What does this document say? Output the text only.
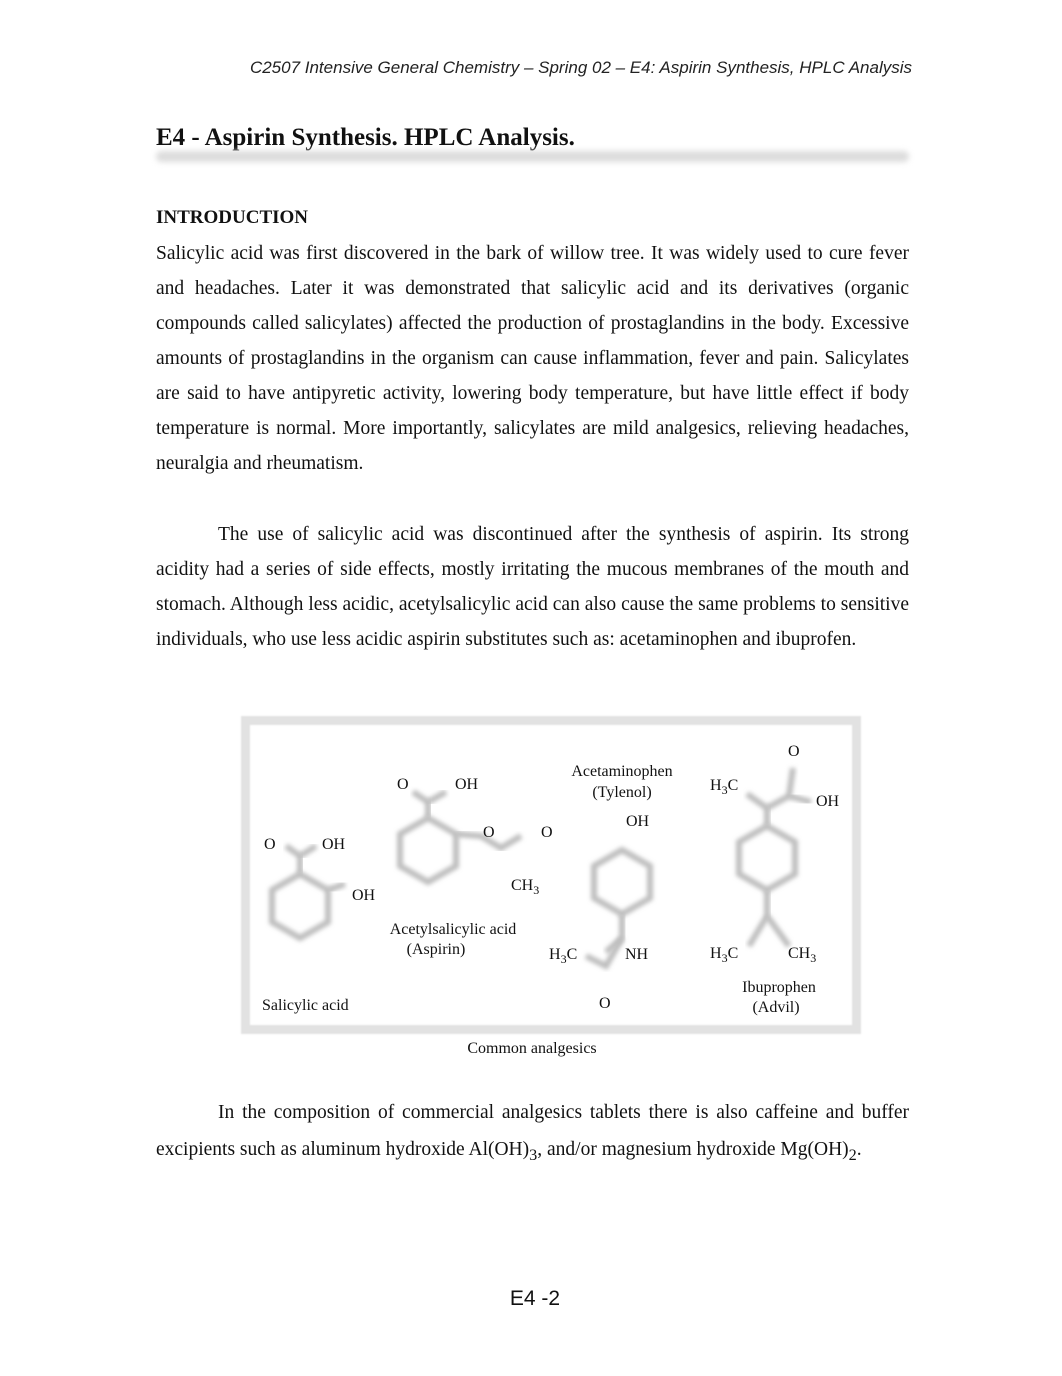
C2507 Intensive General Chemistry – Spring 02 – E4: Aspirin Synthesis, HPLC Analysis
E4 - Aspirin Synthesis. HPLC Analysis.
INTRODUCTION

Salicylic acid was first discovered in the bark of willow tree. It was widely used to cure fever and headaches. Later it was demonstrated that salicylic acid and its derivatives (organic compounds called salicylates) affected the production of prostaglandins in the body. Excessive amounts of prostaglandins in the organism can cause inflammation, fever and pain. Salicylates are said to have antipyretic activity, lowering body temperature, but have little effect if body temperature is normal. More importantly, salicylates are mild analgesics, relieving headaches, neuralgia and rheumatism.

The use of salicylic acid was discontinued after the synthesis of aspirin. Its strong acidity had a series of side effects, mostly irritating the mucous membranes of the mouth and stomach. Although less acidic, acetylsalicylic acid can also cause the same problems to sensitive individuals, who use less acidic aspirin substitutes such as: acetaminophen and ibuprofen.

O	OH
OH
Salicylic acid
O	OH
O	O
$CH_3$
Acetylsalicylic acid
(Aspirin)
Acetaminophen
(Tylenol)
OH
$H_3C$	NH
O
O
OH
$H_3C$
$H_3C$	$CH_3$
Ibuprophen
(Advil)

Common analgesics

In the composition of commercial analgesics tablets there is also caffeine and buffer excipients such as aluminum hydroxide $Al(OH)_3$, and/or magnesium hydroxide $Mg(OH)_2$.

E4 -2
